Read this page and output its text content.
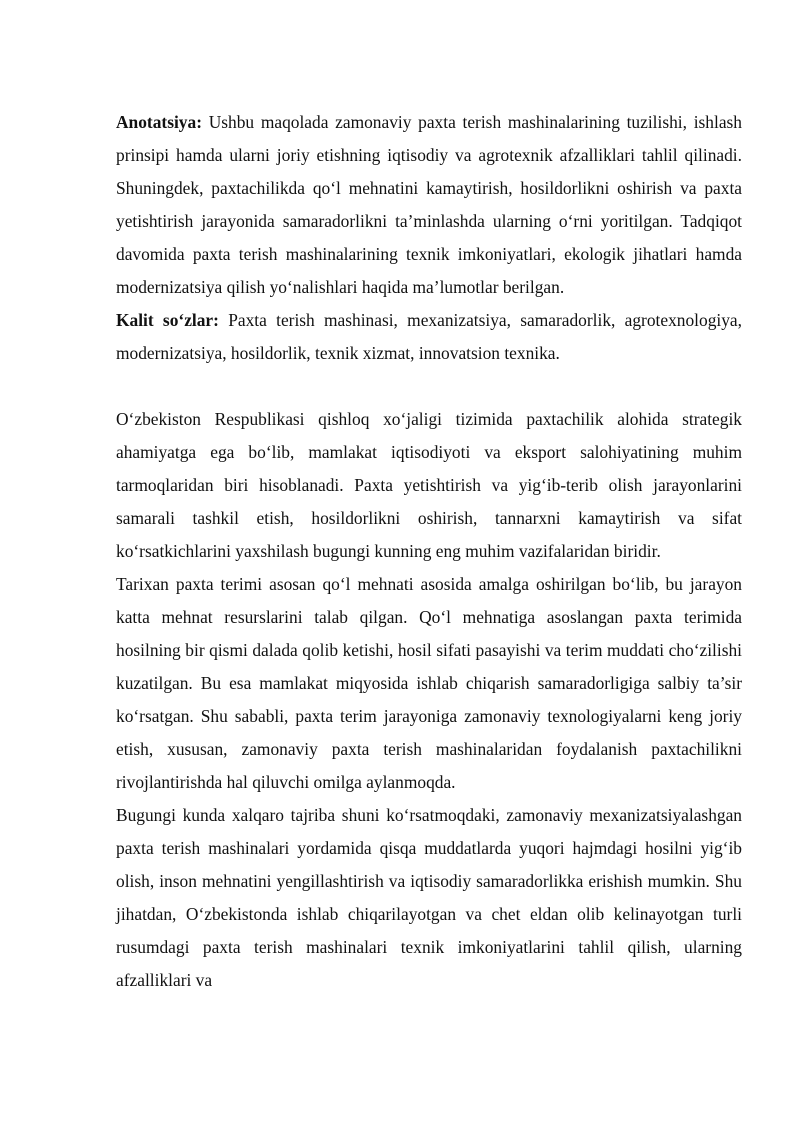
Anotatsiya: Ushbu maqolada zamonaviy paxta terish mashinalarining tuzilishi, ishlash prinsipi hamda ularni joriy etishning iqtisodiy va agrotexnik afzalliklari tahlil qilinadi. Shuningdek, paxtachilikda qo‘l mehnatini kamaytirish, hosildorlikni oshirish va paxta yetishtirish jarayonida samaradorlikni ta’minlashda ularning o‘rni yoritilgan. Tadqiqot davomida paxta terish mashinalarining texnik imkoniyatlari, ekologik jihatlari hamda modernizatsiya qilish yo‘nalishlari haqida ma’lumotlar berilgan.

Kalit so‘zlar: Paxta terish mashinasi, mexanizatsiya, samaradorlik, agrotexnologiya, modernizatsiya, hosildorlik, texnik xizmat, innovatsion texnika.

O‘zbekiston Respublikasi qishloq xo‘jaligi tizimida paxtachilik alohida strategik ahamiyatga ega bo‘lib, mamlakat iqtisodiyoti va eksport salohiyatining muhim tarmoqlaridan biri hisoblanadi. Paxta yetishtirish va yig‘ib-terib olish jarayonlarini samarali tashkil etish, hosildorlikni oshirish, tannarxni kamaytirish va sifat ko‘rsatkichlarini yaxshilash bugungi kunning eng muhim vazifalaridan biridir.

Tarixan paxta terimi asosan qo‘l mehnati asosida amalga oshirilgan bo‘lib, bu jarayon katta mehnat resurslarini talab qilgan. Qo‘l mehnatiga asoslangan paxta terimida hosilning bir qismi dalada qolib ketishi, hosil sifati pasayishi va terim muddati cho‘zilishi kuzatilgan. Bu esa mamlakat miqyosida ishlab chiqarish samaradorligiga salbiy ta’sir ko‘rsatgan. Shu sababli, paxta terim jarayoniga zamonaviy texnologiyalarni keng joriy etish, xususan, zamonaviy paxta terish mashinalaridan foydalanish paxtachilikni rivojlantirishda hal qiluvchi omilga aylanmoqda.

Bugungi kunda xalqaro tajriba shuni ko‘rsatmoqdaki, zamonaviy mexanizatsiyalashgan paxta terish mashinalari yordamida qisqa muddatlarda yuqori hajmdagi hosilni yig‘ib olish, inson mehnatini yengillashtirish va iqtisodiy samaradorlikka erishish mumkin. Shu jihatdan, O‘zbekistonda ishlab chiqarilayotgan va chet eldan olib kelinayotgan turli rusumdagi paxta terish mashinalari texnik imkoniyatlarini tahlil qilish, ularning afzalliklari va
